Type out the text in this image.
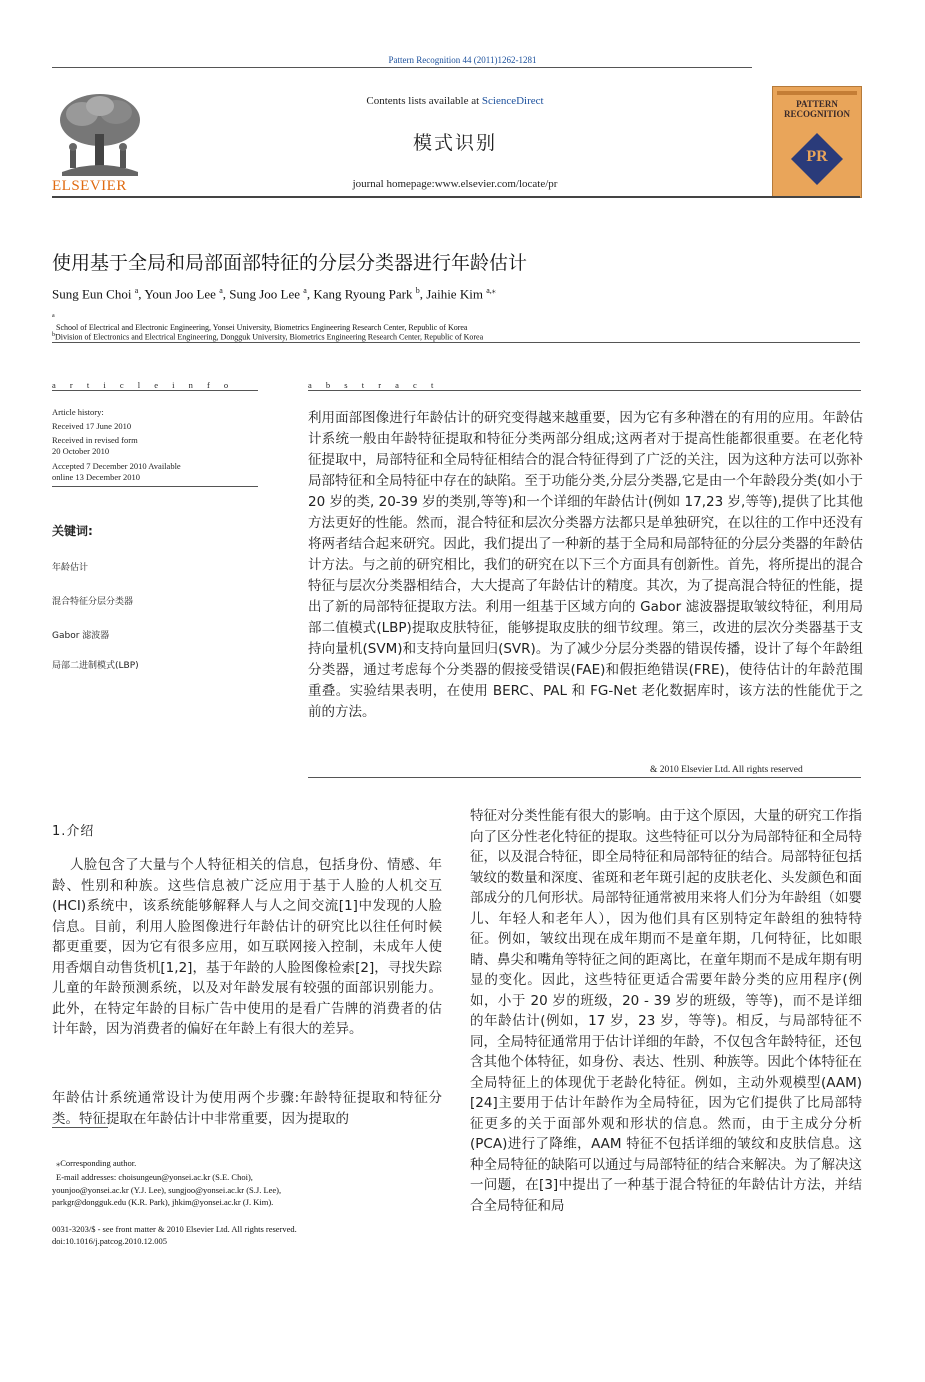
Pattern Recognition 44 (2011)1262-1281
ELSEVIER
Contents lists available at ScienceDirect
模式识别
journal homepage:www.elsevier.com/locate/pr
PATTERN RECOGNITION
PR
使用基于全局和局部面部特征的分层分类器进行年龄估计
Sung Eun Choi $^a$, Youn Joo Lee $^a$, Sung Joo Lee $^a$, Kang Ryoung Park $^b$, Jaihie Kim $^{a,⁎}$
$^a$
School of Electrical and Electronic Engineering, Yonsei University, Biometrics Engineering Research Center, Republic of Korea
$^b$Division of Electronics and Electrical Engineering, Dongguk University, Biometrics Engineering Research Center, Republic of Korea
a r t i c l e i n f o
Article history:
Received 17 June 2010
Received in revised form
20 October 2010
Accepted 7 December 2010 Available
online 13 December 2010
关键词:
年龄估计
混合特征分层分类器
Gabor 滤波器
局部二进制模式(LBP)
a b s t r a c t
利用面部图像进行年龄估计的研究变得越来越重要，因为它有多种潜在的有用的应用。年龄估计系统一般由年龄特征提取和特征分类两部分组成;这两者对于提高性能都很重要。在老化特征提取中，局部特征和全局特征相结合的混合特征得到了广泛的关注，因为这种方法可以弥补局部特征和全局特征中存在的缺陷。至于功能分类,分层分类器,它是由一个年龄段分类(如小于 20 岁的类, 20-39 岁的类别,等等)和一个详细的年龄估计(例如 17,23 岁,等等),提供了比其他方法更好的性能。然而，混合特征和层次分类器方法都只是单独研究，在以往的工作中还没有将两者结合起来研究。因此，我们提出了一种新的基于全局和局部特征的分层分类器的年龄估计方法。与之前的研究相比，我们的研究在以下三个方面具有创新性。首先，将所提出的混合特征与层次分类器相结合，大大提高了年龄估计的精度。其次，为了提高混合特征的性能，提出了新的局部特征提取方法。利用一组基于区域方向的 Gabor 滤波器提取皱纹特征，利用局部二值模式(LBP)提取皮肤特征，能够提取皮肤的细节纹理。第三，改进的层次分类器基于支持向量机(SVM)和支持向量回归(SVR)。为了减少分层分类器的错误传播，设计了每个年龄组分类器，通过考虑每个分类器的假接受错误(FAE)和假拒绝错误(FRE)，使待估计的年龄范围重叠。实验结果表明，在使用 BERC、PAL 和 FG-Net 老化数据库时，该方法的性能优于之前的方法。
& 2010 Elsevier Ltd. All rights reserved
1.介绍
人脸包含了大量与个人特征相关的信息，包括身份、情感、年龄、性别和种族。这些信息被广泛应用于基于人脸的人机交互(HCI)系统中，该系统能够解释人与人之间交流[1]中发现的人脸信息。目前，利用人脸图像进行年龄估计的研究比以往任何时候都更重要，因为它有很多应用，如互联网接入控制，未成年人使用香烟自动售货机[1,2]，基于年龄的人脸图像检索[2]，寻找失踪儿童的年龄预测系统，以及对年龄发展有较强的面部识别能力。此外，在特定年龄的目标广告中使用的是看广告牌的消费者的估计年龄，因为消费者的偏好在年龄上有很大的差异。
年龄估计系统通常设计为使用两个步骤:年龄特征提取和特征分类。特征提取在年龄估计中非常重要，因为提取的
特征对分类性能有很大的影响。由于这个原因，大量的研究工作指向了区分性老化特征的提取。这些特征可以分为局部特征和全局特征，以及混合特征，即全局特征和局部特征的结合。局部特征包括皱纹的数量和深度、雀斑和老年斑引起的皮肤老化、头发颜色和面部成分的几何形状。局部特征通常被用来将人们分为年龄组（如婴儿、年轻人和老年人），因为他们具有区别特定年龄组的独特特征。例如，皱纹出现在成年期而不是童年期，几何特征，比如眼睛、鼻尖和嘴角等特征之间的距离比，在童年期而不是成年期有明显的变化。因此，这些特征更适合需要年龄分类的应用程序(例如，小于 20 岁的班级，20 - 39 岁的班级，等等)，而不是详细的年龄估计(例如，17 岁，23 岁，等等)。相反，与局部特征不同，全局特征通常用于估计详细的年龄，不仅包含年龄特征，还包含其他个体特征，如身份、表达、性别、种族等。因此个体特征在全局特征上的体现优于老龄化特征。例如，主动外观模型(AAM)[24]主要用于估计年龄作为全局特征，因为它们提供了比局部特征更多的关于面部外观和形状的信息。然而，由于主成分分析(PCA)进行了降维，AAM 特征不包括详细的皱纹和皮肤信息。这种全局特征的缺陷可以通过与局部特征的结合来解决。为了解决这一问题，在[3]中提出了一种基于混合特征的年龄估计方法，并结合全局特征和局
⁎Corresponding author.
E-mail addresses: choisungeun@yonsei.ac.kr (S.E. Choi),
younjoo@yonsei.ac.kr (Y.J. Lee), sungjoo@yonsei.ac.kr (S.J. Lee),
parkgr@dongguk.edu (K.R. Park), jhkim@yonsei.ac.kr (J. Kim).
0031-3203/$ - see front matter & 2010 Elsevier Ltd. All rights reserved.
doi:10.1016/j.patcog.2010.12.005
